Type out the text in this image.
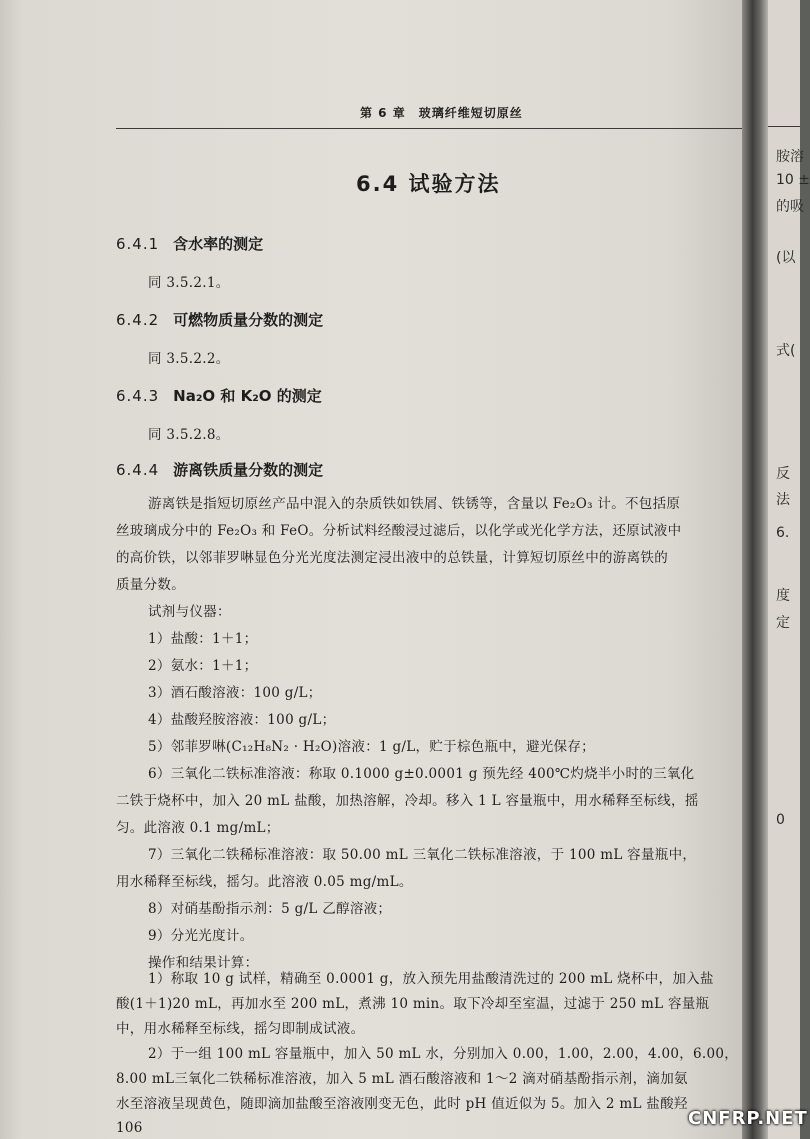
第 6 章　玻璃纤维短切原丝
6.4 试验方法
6.4.1 含水率的测定
同 3.5.2.1。
6.4.2 可燃物质量分数的测定
同 3.5.2.2。
6.4.3 Na₂O 和 K₂O 的测定
同 3.5.2.8。
6.4.4 游离铁质量分数的测定
游离铁是指短切原丝产品中混入的杂质铁如铁屑、铁锈等，含量以 Fe₂O₃ 计。不包括原
丝玻璃成分中的 Fe₂O₃ 和 FeO。分析试料经酸浸过滤后，以化学或光化学方法，还原试液中
的高价铁，以邻菲罗啉显色分光光度法测定浸出液中的总铁量，计算短切原丝中的游离铁的
质量分数。
试剂与仪器：
1）盐酸：1＋1；
2）氨水：1＋1；
3）酒石酸溶液：100 g/L；
4）盐酸羟胺溶液：100 g/L；
5）邻菲罗啉(C₁₂H₈N₂ · H₂O)溶液：1 g/L，贮于棕色瓶中，避光保存；
6）三氧化二铁标准溶液：称取 0.1000 g±0.0001 g 预先经 400℃灼烧半小时的三氧化
二铁于烧杯中，加入 20 mL 盐酸，加热溶解，冷却。移入 1 L 容量瓶中，用水稀释至标线，摇
匀。此溶液 0.1 mg/mL；
7）三氧化二铁稀标准溶液：取 50.00 mL 三氧化二铁标准溶液，于 100 mL 容量瓶中，
用水稀释至标线，摇匀。此溶液 0.05 mg/mL。
8）对硝基酚指示剂：5 g/L 乙醇溶液；
9）分光光度计。
操作和结果计算：
1）称取 10 g 试样，精确至 0.0001 g，放入预先用盐酸清洗过的 200 mL 烧杯中，加入盐
酸(1＋1)20 mL，再加水至 200 mL，煮沸 10 min。取下冷却至室温，过滤于 250 mL 容量瓶
中，用水稀释至标线，摇匀即制成试液。
2）于一组 100 mL 容量瓶中，加入 50 mL 水，分别加入 0.00，1.00，2.00，4.00，6.00，
8.00 mL三氧化二铁稀标准溶液，加入 5 mL 酒石酸溶液和 1～2 滴对硝基酚指示剂，滴加氨
水至溶液呈现黄色，随即滴加盐酸至溶液刚变无色，此时 pH 值近似为 5。加入 2 mL 盐酸羟
106
胺溶
10 ±
的吸
(以
式(
反
法
6.
度
定
0
CNFRP.NET
